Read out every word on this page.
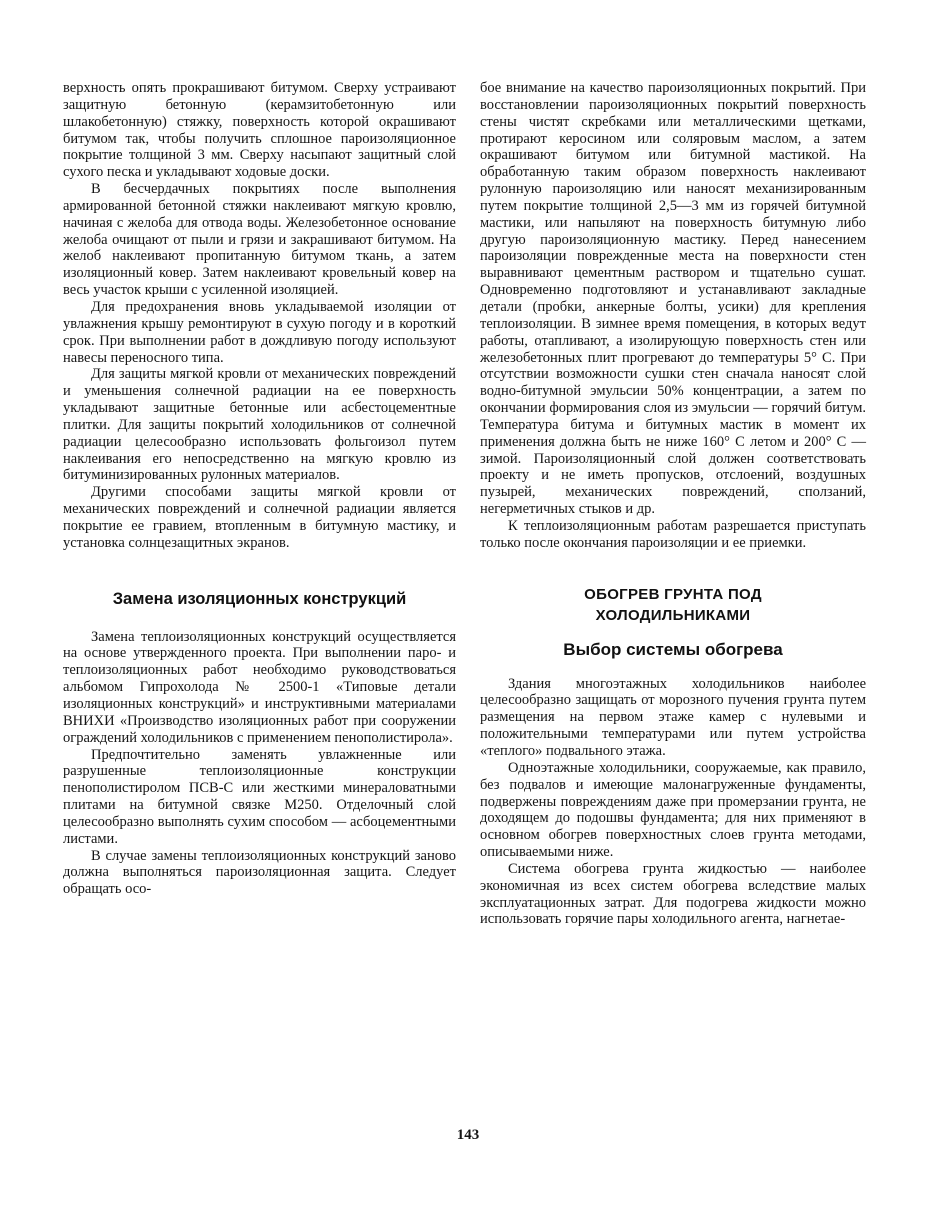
верхность опять прокрашивают битумом. Сверху устраивают защитную бетонную (керамзитобетонную или шлакобетонную) стяжку, поверхность которой окрашивают битумом так, чтобы получить сплошное пароизоляционное покрытие толщиной 3 мм. Сверху насыпают защитный слой сухого песка и укладывают ходовые доски.

В бесчердачных покрытиях после выполнения армированной бетонной стяжки наклеивают мягкую кровлю, начиная с желоба для отвода воды. Железобетонное основание желоба очищают от пыли и грязи и закрашивают битумом. На желоб наклеивают пропитанную битумом ткань, а затем изоляционный ковер. Затем наклеивают кровельный ковер на весь участок крыши с усиленной изоляцией.

Для предохранения вновь укладываемой изоляции от увлажнения крышу ремонтируют в сухую погоду и в короткий срок. При выполнении работ в дождливую погоду используют навесы переносного типа.

Для защиты мягкой кровли от механических повреждений и уменьшения солнечной радиации на ее поверхность укладывают защитные бетонные или асбестоцементные плитки. Для защиты покрытий холодильников от солнечной радиации целесообразно использовать фольгоизол путем наклеивания его непосредственно на мягкую кровлю из битуминизированных рулонных материалов.

Другими способами защиты мягкой кровли от механических повреждений и солнечной радиации является покрытие ее гравием, втопленным в битумную мастику, и установка солнцезащитных экранов.

Замена изоляционных конструкций

Замена теплоизоляционных конструкций осуществляется на основе утвержденного проекта. При выполнении паро- и теплоизоляционных работ необходимо руководствоваться альбомом Гипрохолода № 2500-1 «Типовые детали изоляционных конструкций» и инструктивными материалами ВНИХИ «Производство изоляционных работ при сооружении ограждений холодильников с применением пенополистирола».

Предпочтительно заменять увлажненные или разрушенные теплоизоляционные конструкции пенополистиролом ПСВ-С или жесткими минераловатными плитами на битумной связке М250. Отделочный слой целесообразно выполнять сухим способом — асбоцементными листами.

В случае замены теплоизоляционных конструкций заново должна выполняться пароизоляционная защита. Следует обращать осо-

бое внимание на качество пароизоляционных покрытий. При восстановлении пароизоляционных покрытий поверхность стены чистят скребками или металлическими щетками, протирают керосином или соляровым маслом, а затем окрашивают битумом или битумной мастикой. На обработанную таким образом поверхность наклеивают рулонную пароизоляцию или наносят механизированным путем покрытие толщиной 2,5—3 мм из горячей битумной мастики, или напыляют на поверхность битумную либо другую пароизоляционную мастику. Перед нанесением пароизоляции поврежденные места на поверхности стен выравнивают цементным раствором и тщательно сушат. Одновременно подготовляют и устанавливают закладные детали (пробки, анкерные болты, усики) для крепления теплоизоляции. В зимнее время помещения, в которых ведут работы, отапливают, а изолирующую поверхность стен или железобетонных плит прогревают до температуры 5° С. При отсутствии возможности сушки стен сначала наносят слой водно-битумной эмульсии 50% концентрации, а затем по окончании формирования слоя из эмульсии — горячий битум. Температура битума и битумных мастик в момент их применения должна быть не ниже 160° С летом и 200° С — зимой. Пароизоляционный слой должен соответствовать проекту и не иметь пропусков, отслоений, воздушных пузырей, механических повреждений, сползаний, негерметичных стыков и др.

К теплоизоляционным работам разрешается приступать только после окончания пароизоляции и ее приемки.

ОБОГРЕВ ГРУНТА ПОД
ХОЛОДИЛЬНИКАМИ
Выбор системы обогрева

Здания многоэтажных холодильников наиболее целесообразно защищать от морозного пучения грунта путем размещения на первом этаже камер с нулевыми и положительными температурами или путем устройства «теплого» подвального этажа.

Одноэтажные холодильники, сооружаемые, как правило, без подвалов и имеющие малонагруженные фундаменты, подвержены повреждениям даже при промерзании грунта, не доходящем до подошвы фундамента; для них применяют в основном обогрев поверхностных слоев грунта методами, описываемыми ниже.

Система обогрева грунта жидкостью — наиболее экономичная из всех систем обогрева вследствие малых эксплуатационных затрат. Для подогрева жидкости можно использовать горячие пары холодильного агента, нагнетае-

143
